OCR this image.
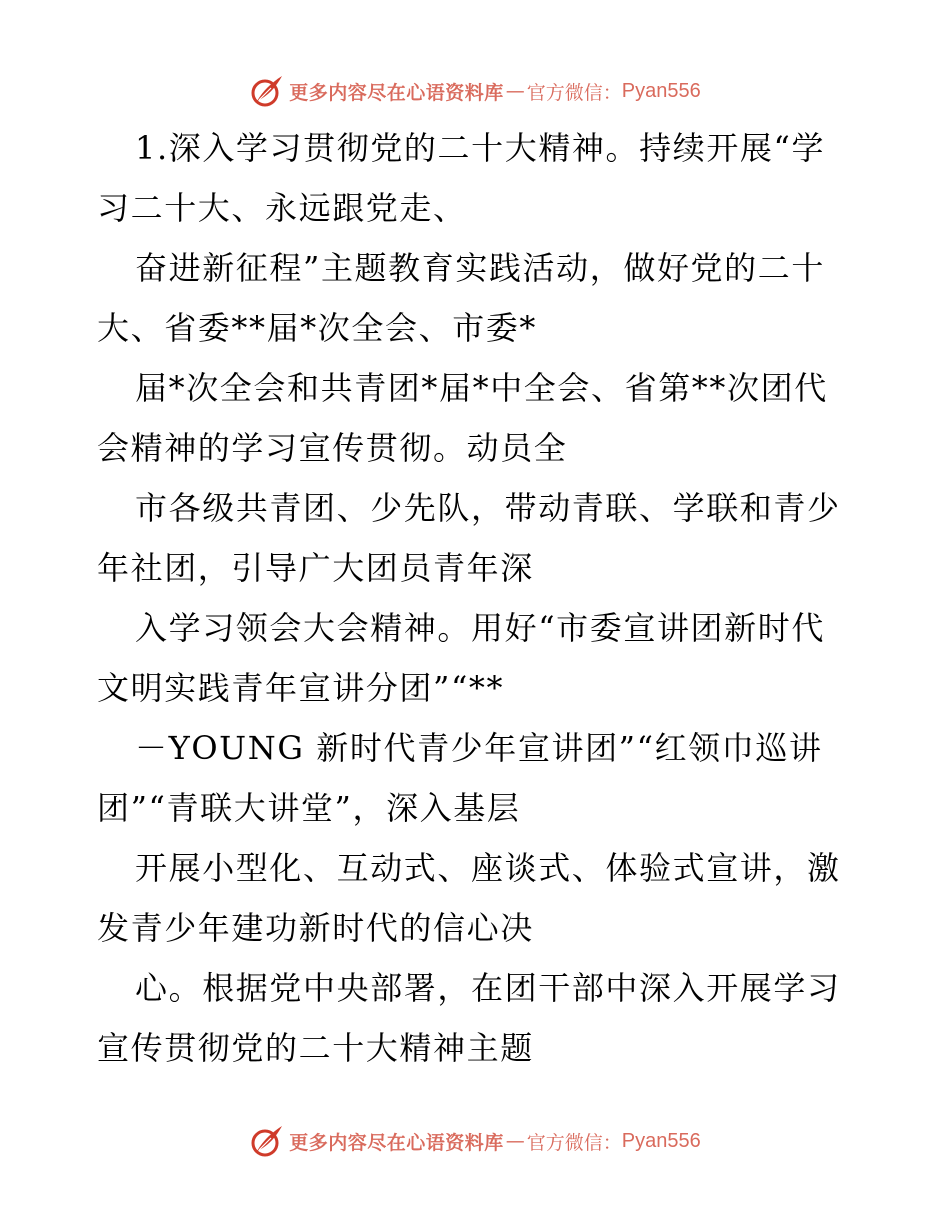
更多内容尽在心语资料库 — 官方微信： Pyan556
1.深入学习贯彻党的二十大精神。持续开展“学
习二十大、永远跟党走、
奋进新征程”主题教育实践活动，做好党的二十
大、省委**届*次全会、市委*
届*次全会和共青团*届*中全会、省第**次团代
会精神的学习宣传贯彻。动员全
市各级共青团、少先队，带动青联、学联和青少
年社团，引导广大团员青年深
入学习领会大会精神。用好“市委宣讲团新时代
文明实践青年宣讲分团”“**
－YOUNG 新时代青少年宣讲团”“红领巾巡讲
团”“青联大讲堂”，深入基层
开展小型化、互动式、座谈式、体验式宣讲，激
发青少年建功新时代的信心决
心。根据党中央部署，在团干部中深入开展学习
宣传贯彻党的二十大精神主题
更多内容尽在心语资料库 — 官方微信： Pyan556
